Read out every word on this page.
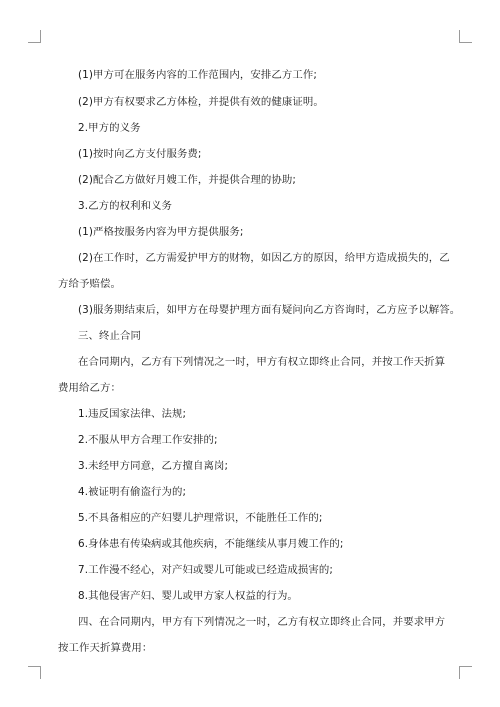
(1)甲方可在服务内容的工作范围内，安排乙方工作;
(2)甲方有权要求乙方体检，并提供有效的健康证明。
2.甲方的义务
(1)按时向乙方支付服务费;
(2)配合乙方做好月嫂工作，并提供合理的协助;
3.乙方的权利和义务
(1)严格按服务内容为甲方提供服务;
(2)在工作时，乙方需爱护甲方的财物，如因乙方的原因，给甲方造成损失的，乙
方给予赔偿。
(3)服务期结束后，如甲方在母婴护理方面有疑问向乙方咨询时，乙方应予以解答。
三、终止合同
在合同期内，乙方有下列情况之一时，甲方有权立即终止合同，并按工作天折算
费用给乙方：
1.违反国家法律、法规;
2.不服从甲方合理工作安排的;
3.未经甲方同意，乙方擅自离岗;
4.被证明有偷盗行为的;
5.不具备相应的产妇婴儿护理常识，不能胜任工作的;
6.身体患有传染病或其他疾病，不能继续从事月嫂工作的;
7.工作漫不经心，对产妇或婴儿可能或已经造成损害的;
8.其他侵害产妇、婴儿或甲方家人权益的行为。
四、在合同期内，甲方有下列情况之一时，乙方有权立即终止合同，并要求甲方
按工作天折算费用：
